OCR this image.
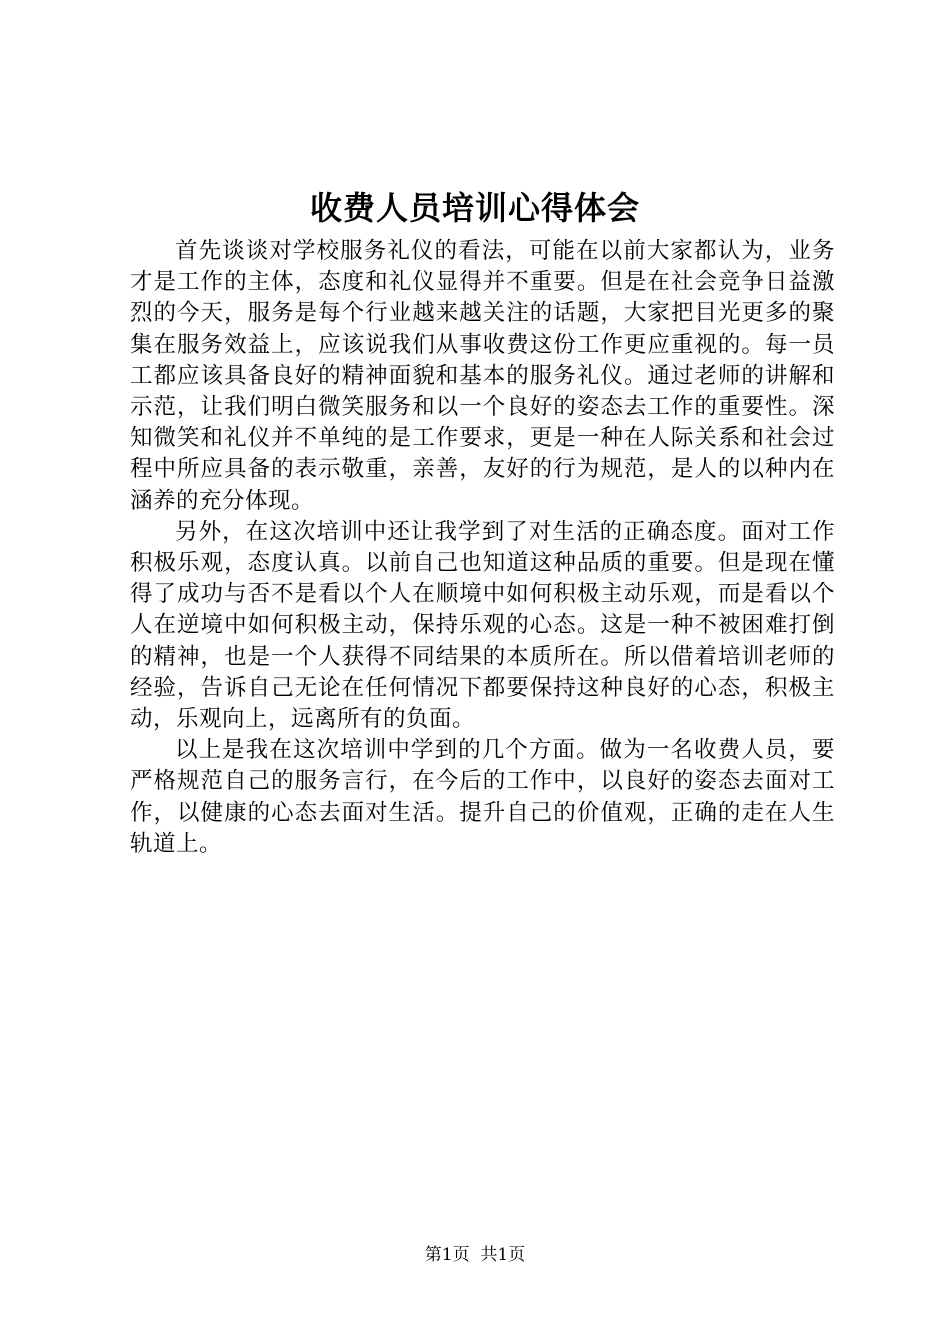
收费人员培训心得体会

首先谈谈对学校服务礼仪的看法，可能在以前大家都认为，业务才是工作的主体，态度和礼仪显得并不重要。但是在社会竞争日益激烈的今天，服务是每个行业越来越关注的话题，大家把目光更多的聚集在服务效益上，应该说我们从事收费这份工作更应重视的。每一员工都应该具备良好的精神面貌和基本的服务礼仪。通过老师的讲解和示范，让我们明白微笑服务和以一个良好的姿态去工作的重要性。深知微笑和礼仪并不单纯的是工作要求，更是一种在人际关系和社会过程中所应具备的表示敬重，亲善，友好的行为规范，是人的以种内在涵养的充分体现。

另外，在这次培训中还让我学到了对生活的正确态度。面对工作积极乐观，态度认真。以前自己也知道这种品质的重要。但是现在懂得了成功与否不是看以个人在顺境中如何积极主动乐观，而是看以个人在逆境中如何积极主动，保持乐观的心态。这是一种不被困难打倒的精神，也是一个人获得不同结果的本质所在。所以借着培训老师的经验，告诉自己无论在任何情况下都要保持这种良好的心态，积极主动，乐观向上，远离所有的负面。

以上是我在这次培训中学到的几个方面。做为一名收费人员，要严格规范自己的服务言行，在今后的工作中，以良好的姿态去面对工作，以健康的心态去面对生活。提升自己的价值观，正确的走在人生轨道上。

第1页 共1页
